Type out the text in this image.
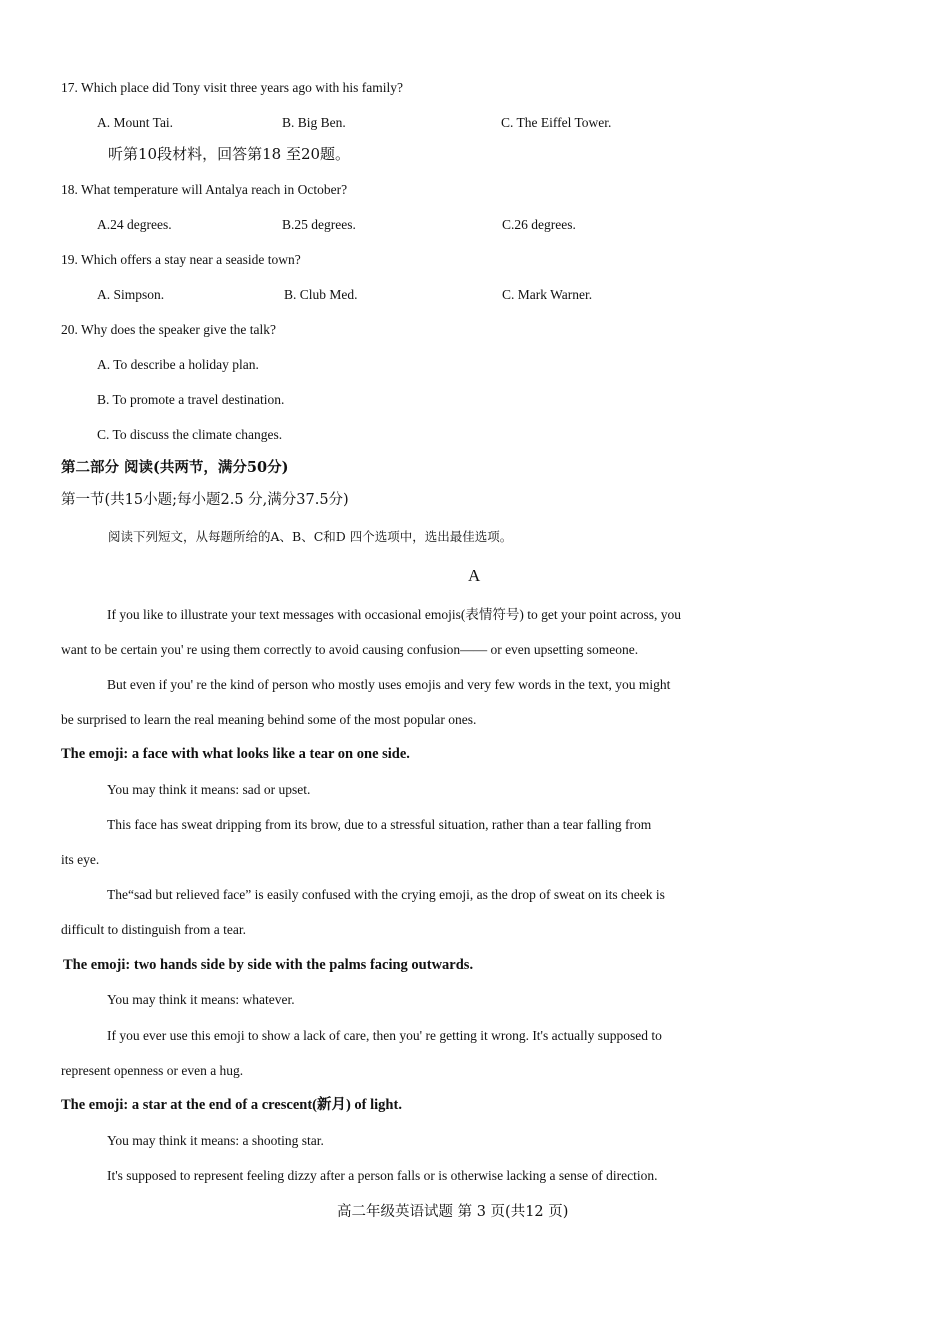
17. Which place did Tony visit three years ago with his family?
A. Mount Tai.	B. Big Ben.	C. The Eiffel Tower.
听第10段材料，回答第18 至20题。
18. What temperature will Antalya reach in October?
A.24 degrees.	B.25 degrees.	C.26 degrees.
19. Which offers a stay near a seaside town?
A. Simpson.	B. Club Med.	C. Mark Warner.
20. Why does the speaker give the talk?
A. To describe a holiday plan.
B. To promote a travel destination.
C. To discuss the climate changes.
第二部分 阅读(共两节，满分50分)
第一节(共15小题;每小题2.5 分,满分37.5分)
阅读下列短文，从每题所给的A、B、C和D 四个选项中，选出最佳选项。
A
If you like to illustrate your text messages with occasional emojis(表情符号) to get your point across, you
want to be certain you' re using them correctly to avoid causing confusion—— or even upsetting someone.
But even if you' re the kind of person who mostly uses emojis and very few words in the text, you might
be surprised to learn the real meaning behind some of the most popular ones.
The emoji: a face with what looks like a tear on one side.
You may think it means: sad or upset.
This face has sweat dripping from its brow, due to a stressful situation, rather than a tear falling from
its eye.
The“sad but relieved face” is easily confused with the crying emoji, as the drop of sweat on its cheek is
difficult to distinguish from a tear.
The emoji: two hands side by side with the palms facing outwards.
You may think it means: whatever.
If you ever use this emoji to show a lack of care, then you' re getting it wrong. It's actually supposed to
represent openness or even a hug.
The emoji: a star at the end of a crescent(新月) of light.
You may think it means: a shooting star.
It's supposed to represent feeling dizzy after a person falls or is otherwise lacking a sense of direction.
高二年级英语试题 第 3 页(共12 页)
